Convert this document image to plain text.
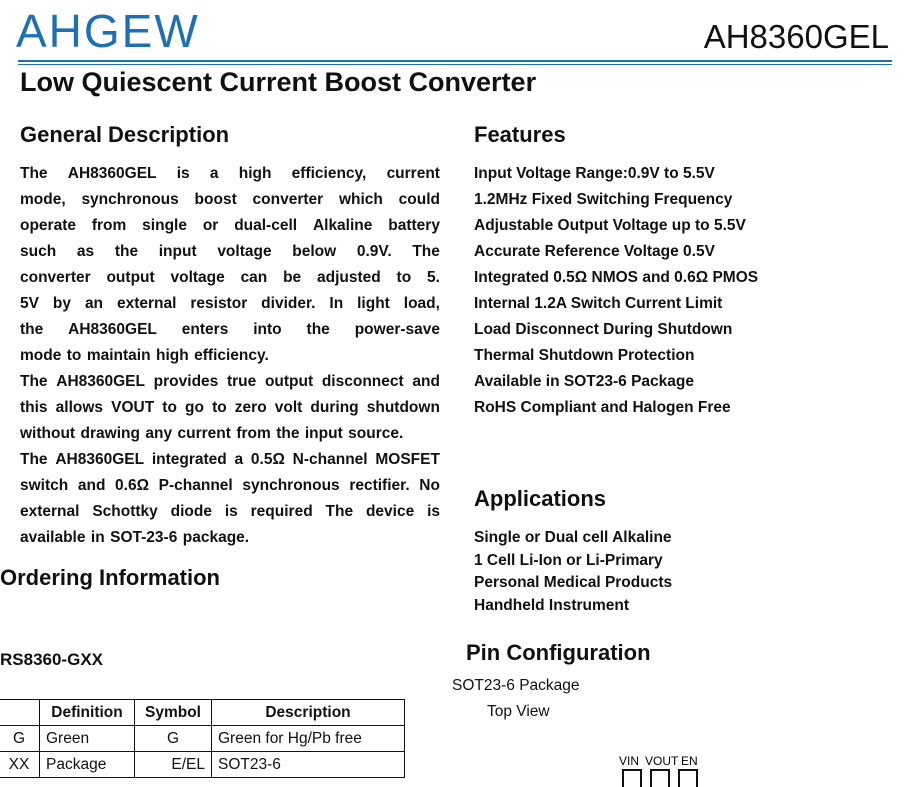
AHGEW	AH8360GEL
Low Quiescent Current Boost Converter
General Description
The AH8360GEL is a high efficiency, current
mode, synchronous boost converter which could
operate from single or dual-cell Alkaline battery
such as the input voltage below 0.9V. The
converter output voltage can be adjusted to 5.
5V by an external resistor divider. In light load,
the AH8360GEL enters into the power-save
mode to maintain high efficiency.
The AH8360GEL provides true output disconnect and
this allows VOUT to go to zero volt during shutdown
without drawing any current from the input source.
The AH8360GEL integrated a 0.5Ω N-channel MOSFET
switch and 0.6Ω P-channel synchronous rectifier. No
external Schottky diode is required The device is
available in SOT-23-6 package.
Features
Input Voltage Range:0.9V to 5.5V
1.2MHz Fixed Switching Frequency
Adjustable Output Voltage up to 5.5V
Accurate Reference Voltage 0.5V
Integrated 0.5Ω NMOS and 0.6Ω PMOS
Internal 1.2A Switch Current Limit
Load Disconnect During Shutdown
Thermal Shutdown Protection
Available in SOT23-6 Package
RoHS Compliant and Halogen Free
Applications
Single or Dual cell Alkaline
1 Cell Li-Ion or Li-Primary
Personal Medical Products
Handheld Instrument
Ordering Information
RS8360-GXX
	Definition	Symbol	Description
G	Green	G	Green for Hg/Pb free
XX	Package	E/EL	SOT23-6
Pin Configuration
SOT23-6 Package
Top View
VIN VOUT EN
